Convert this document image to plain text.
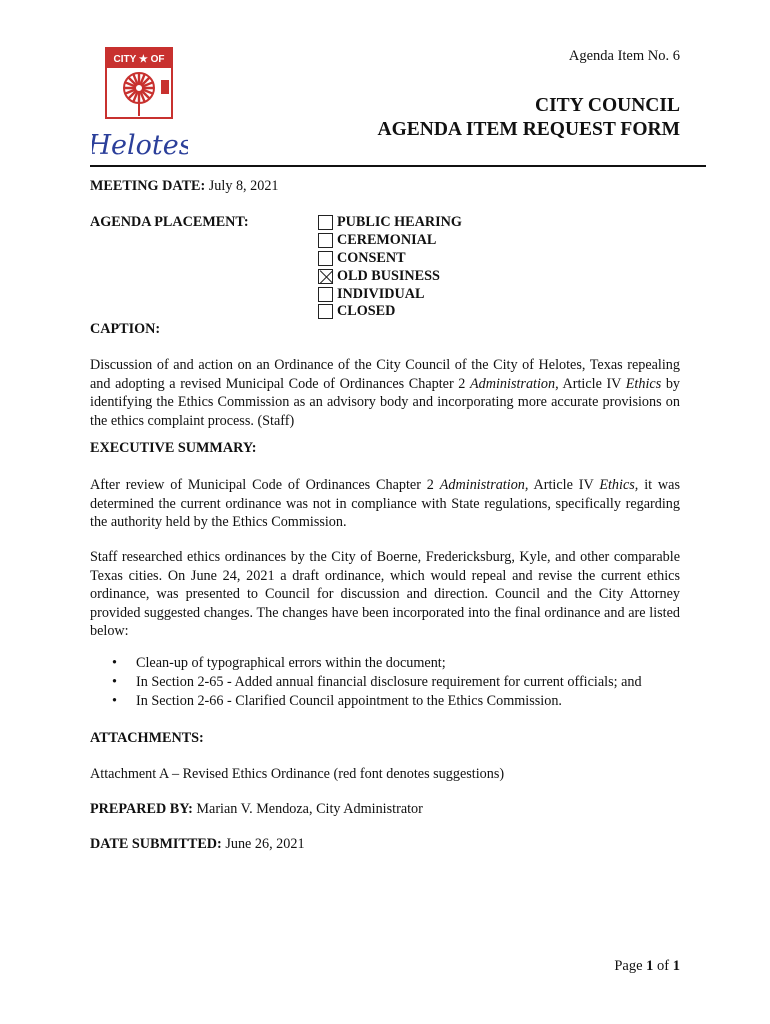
CITY ★ OF
Helotes
Agenda Item No. 6
CITY COUNCIL
AGENDA ITEM REQUEST FORM
MEETING DATE: July 8, 2021
AGENDA PLACEMENT:	PUBLIC HEARING
CEREMONIAL
CONSENT
OLD BUSINESS
INDIVIDUAL
CLOSED
CAPTION:
Discussion of and action on an Ordinance of the City Council of the City of Helotes, Texas repealing and adopting a revised Municipal Code of Ordinances Chapter 2 Administration, Article IV Ethics by identifying the Ethics Commission as an advisory body and incorporating more accurate provisions on the ethics complaint process. (Staff)
EXECUTIVE SUMMARY:
After review of Municipal Code of Ordinances Chapter 2 Administration, Article IV Ethics, it was determined the current ordinance was not in compliance with State regulations, specifically regarding the authority held by the Ethics Commission.
Staff researched ethics ordinances by the City of Boerne, Fredericksburg, Kyle, and other comparable Texas cities. On June 24, 2021 a draft ordinance, which would repeal and revise the current ethics ordinance, was presented to Council for discussion and direction. Council and the City Attorney provided suggested changes. The changes have been incorporated into the final ordinance and are listed below:
• Clean-up of typographical errors within the document;
• In Section 2-65 - Added annual financial disclosure requirement for current officials; and
• In Section 2-66 - Clarified Council appointment to the Ethics Commission.
ATTACHMENTS:
Attachment A – Revised Ethics Ordinance (red font denotes suggestions)
PREPARED BY: Marian V. Mendoza, City Administrator
DATE SUBMITTED: June 26, 2021
Page 1 of 1
